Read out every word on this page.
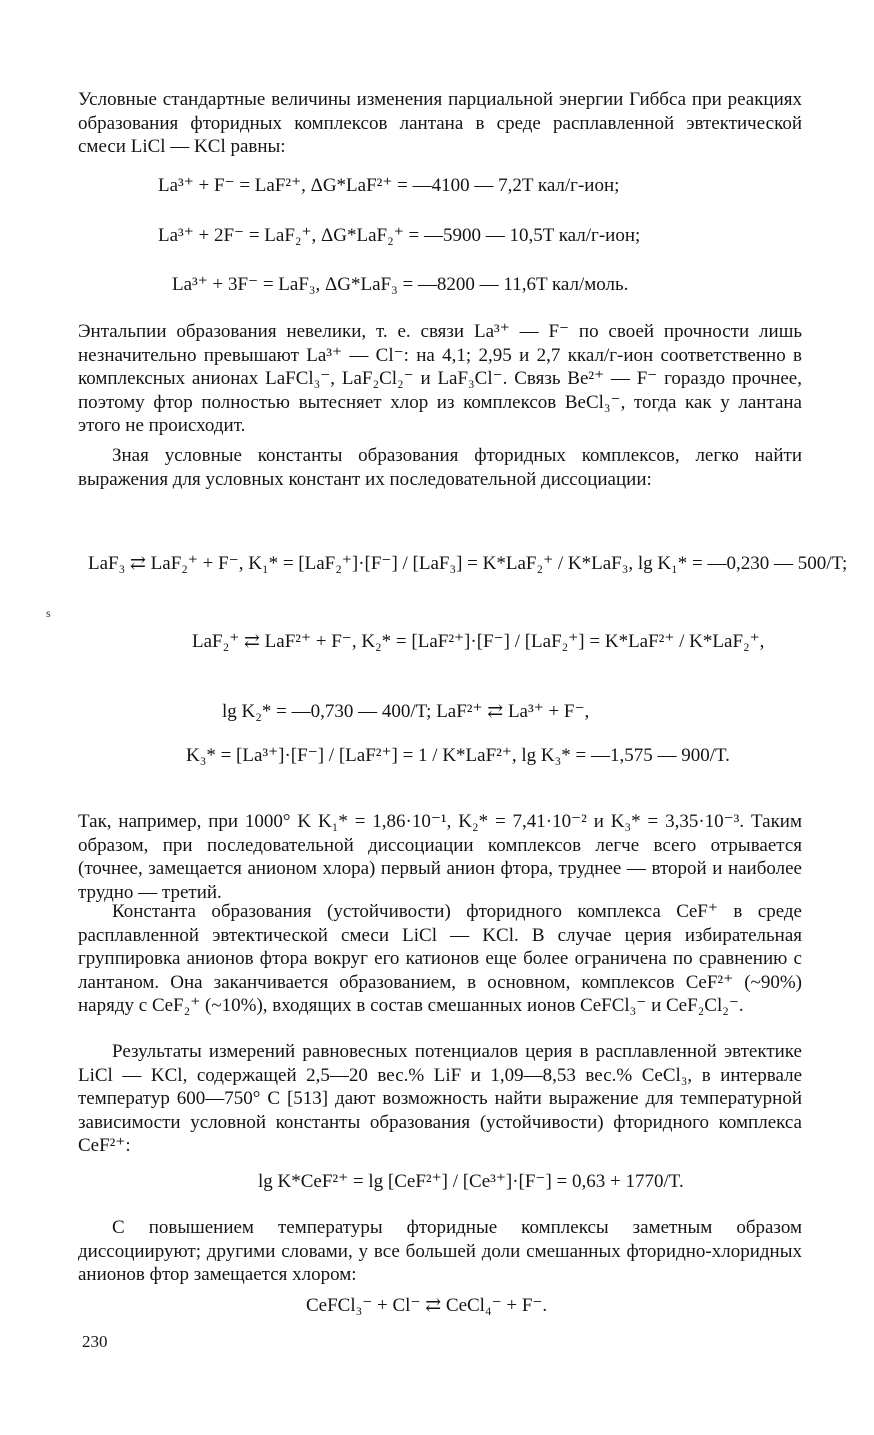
Условные стандартные величины изменения парциальной энергии Гиббса при реакциях образования фторидных комплексов лантана в среде расплавленной эвтектической смеси LiCl — KCl равны:

La³⁺ + F⁻ = LaF²⁺, ΔG*LaF²⁺ = —4100 — 7,2T кал/г-ион;
La³⁺ + 2F⁻ = LaF₂⁺, ΔG*LaF₂⁺ = —5900 — 10,5T кал/г-ион;
La³⁺ + 3F⁻ = LaF₃, ΔG*LaF₃ = —8200 — 11,6T кал/моль.

Энтальпии образования невелики, т. е. связи La³⁺ — F⁻ по своей прочности лишь незначительно превышают La³⁺ — Cl⁻: на 4,1; 2,95 и 2,7 ккал/г-ион соответственно в комплексных анионах LaFCl₃⁻, LaF₂Cl₂⁻ и LaF₃Cl⁻. Связь Be²⁺ — F⁻ гораздо прочнее, поэтому фтор полностью вытесняет хлор из комплексов BeCl₃⁻, тогда как у лантана этого не происходит.

Зная условные константы образования фторидных комплексов, легко найти выражения для условных констант их последовательной диссоциации:

LaF₃ ⇄ LaF₂⁺ + F⁻, K₁* = [LaF₂⁺]·[F⁻] / [LaF₃] = K*LaF₂⁺ / K*LaF₃, lg K₁* = —0,230 — 500/T;
s
LaF₂⁺ ⇄ LaF²⁺ + F⁻, K₂* = [LaF²⁺]·[F⁻] / [LaF₂⁺] = K*LaF²⁺ / K*LaF₂⁺,
lg K₂* = —0,730 — 400/T; LaF²⁺ ⇄ La³⁺ + F⁻,
K₃* = [La³⁺]·[F⁻] / [LaF²⁺] = 1 / K*LaF²⁺, lg K₃* = —1,575 — 900/T.

Так, например, при 1000° K K₁* = 1,86·10⁻¹, K₂* = 7,41·10⁻² и K₃* = 3,35·10⁻³. Таким образом, при последовательной диссоциации комплексов легче всего отрывается (точнее, замещается анионом хлора) первый анион фтора, труднее — второй и наиболее трудно — третий.

Константа образования (устойчивости) фторидного комплекса CeF⁺ в среде расплавленной эвтектической смеси LiCl — KCl. В случае церия избирательная группировка анионов фтора вокруг его катионов еще более ограничена по сравнению с лантаном. Она заканчивается образованием, в основном, комплексов CeF²⁺ (~90%) наряду с CeF₂⁺ (~10%), входящих в состав смешанных ионов CeFCl₃⁻ и CeF₂Cl₂⁻.

Результаты измерений равновесных потенциалов церия в расплавленной эвтектике LiCl — KCl, содержащей 2,5—20 вес.% LiF и 1,09—8,53 вес.% CeCl₃, в интервале температур 600—750° C [513] дают возможность найти выражение для температурной зависимости условной константы образования (устойчивости) фторидного комплекса CeF²⁺:

lg K*CeF²⁺ = lg [CeF²⁺] / [Ce³⁺]·[F⁻] = 0,63 + 1770/T.

С повышением температуры фторидные комплексы заметным образом диссоциируют; другими словами, у все большей доли смешанных фторидно-хлоридных анионов фтор замещается хлором:

CeFCl₃⁻ + Cl⁻ ⇄ CeCl₄⁻ + F⁻.
230
